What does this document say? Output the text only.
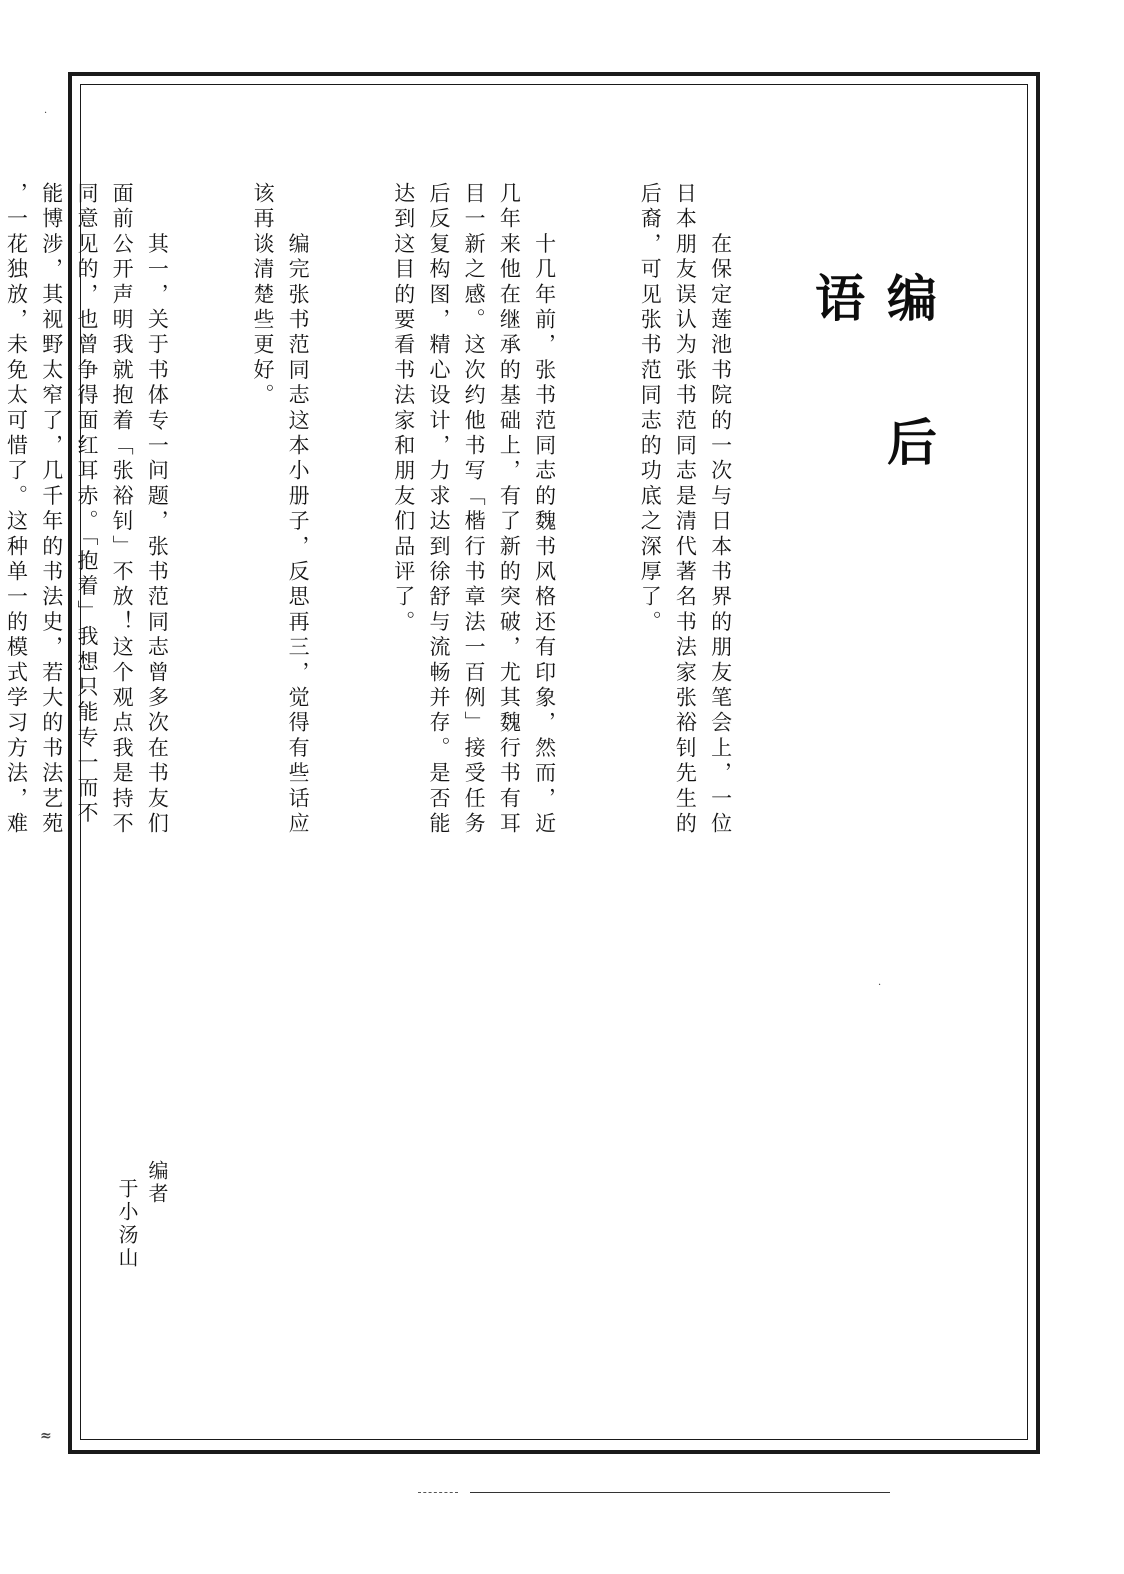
·
·
≈
编后语

　　在保定莲池书院的一次与日本书界的朋友笔会上，一位
日本朋友误认为张书范同志是清代著名书法家张裕钊先生的
后裔，可见张书范同志的功底之深厚了。

　　十几年前，张书范同志的魏书风格还有印象，然而，近
几年来他在继承的基础上，有了新的突破，尤其魏行书有耳
目一新之感。这次约他书写「楷行书章法一百例」接受任务
后反复构图，精心设计，力求达到徐舒与流畅并存。是否能
达到这目的要看书法家和朋友们品评了。

　　编完张书范同志这本小册子，反思再三，觉得有些话应
该再谈清楚些更好。

　　其一，关于书体专一问题，张书范同志曾多次在书友们
面前公开声明我就抱着「张裕钊」不放！这个观点我是持不
同意见的，也曾争得面红耳赤。「抱着」我想只能专一而不
能博涉，其视野太窄了，几千年的书法史，若大的书法艺苑
，一花独放，未免太可惜了。这种单一的模式学习方法，难

编者
于小汤山
